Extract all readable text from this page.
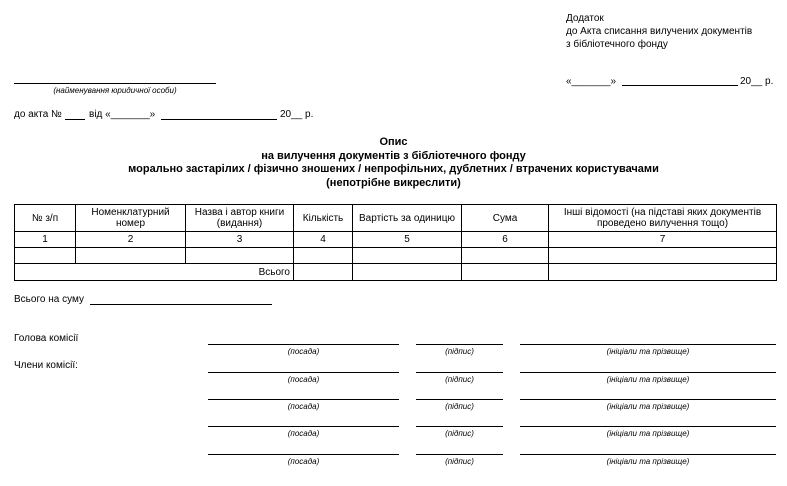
Додаток
до Акта списання вилучених документів
з бібліотечного фонду
(найменування юридичної особи)
«_______»	20__ р.
до акта №	від «_______»	20__ р.
Опис
на вилучення документів з бібліотечного фонду
морально застарілих / фізично зношених / непрофільних, дублетних / втрачених користувачами
(непотрібне викреслити)
№ з/п	Номенклатурний номер	Назва і автор книги (видання)	Кількість	Вартість за одиницю	Сума	Інші відомості (на підставі яких документів проведено вилучення тощо)
1	2	3	4	5	6	7

Всього						
Всього на суму
Голова комісії
Члени комісії:
(посада)	(підпис)	(ініціали та прізвище)
(посада)	(підпис)	(ініціали та прізвище)
(посада)	(підпис)	(ініціали та прізвище)
(посада)	(підпис)	(ініціали та прізвище)
(посада)	(підпис)	(ініціали та прізвище)
